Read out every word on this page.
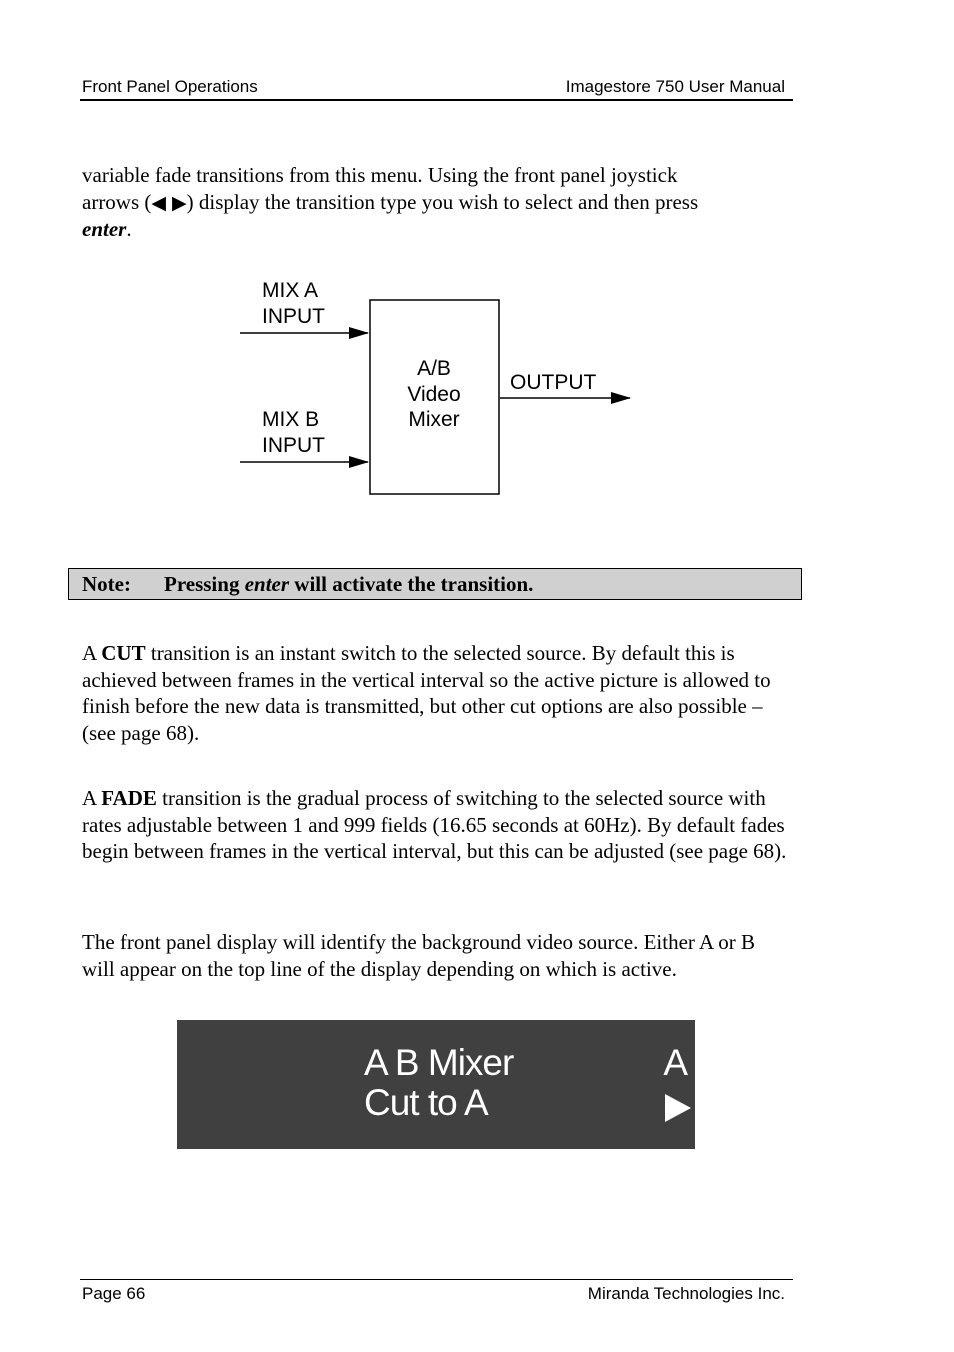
Front Panel Operations	Imagestore 750 User Manual

variable fade transitions from this menu. Using the front panel joystick
arrows (◀ ▶) display the transition type you wish to select and then press
enter.

MIX A
INPUT
MIX B
INPUT
A/B
Video
Mixer
OUTPUT
Note: Pressing enter will activate the transition.

A CUT transition is an instant switch to the selected source. By default this is achieved between frames in the vertical interval so the active picture is allowed to finish before the new data is transmitted, but other cut options are also possible – (see page 68).

A FADE transition is the gradual process of switching to the selected source with rates adjustable between 1 and 999 fields (16.65 seconds at 60Hz). By default fades begin between frames in the vertical interval, but this can be adjusted (see page 68).

The front panel display will identify the background video source. Either A or B will appear on the top line of the display depending on which is active.

A B Mixer
Cut to A
A
Page 66	Miranda Technologies Inc.
